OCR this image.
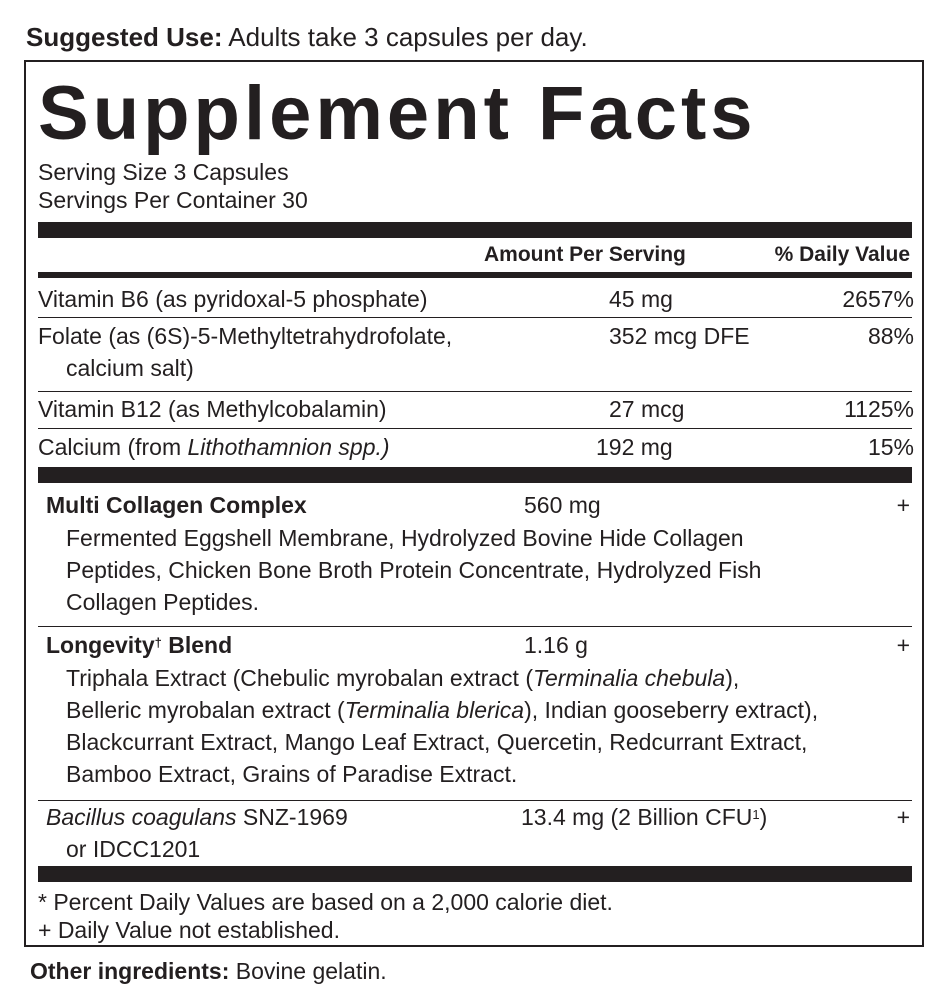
Suggested Use: Adults take 3 capsules per day.
Supplement Facts
Serving Size 3 Capsules
Servings Per Container 30
Amount Per Serving	% Daily Value
Vitamin B6 (as pyridoxal-5 phosphate)	45 mg	2657%
Folate (as (6S)-5-Methyltetrahydrofolate,
calcium salt)
352 mcg DFE	88%
Vitamin B12 (as Methylcobalamin)	27 mcg	1125%
Calcium (from Lithothamnion spp.)	192 mg	15%
Multi Collagen Complex	560 mg	+
Fermented Eggshell Membrane, Hydrolyzed Bovine Hide Collagen
Peptides, Chicken Bone Broth Protein Concentrate, Hydrolyzed Fish
Collagen Peptides.
Longevity† Blend	1.16 g	+
Triphala Extract (Chebulic myrobalan extract (Terminalia chebula),
Belleric myrobalan extract (Terminalia blerica), Indian gooseberry extract),
Blackcurrant Extract, Mango Leaf Extract, Quercetin, Redcurrant Extract,
Bamboo Extract, Grains of Paradise Extract.
Bacillus coagulans SNZ-1969
or IDCC1201
13.4 mg (2 Billion $CFU^1$)	+
* Percent Daily Values are based on a 2,000 calorie diet.
+ Daily Value not established.
Other ingredients: Bovine gelatin.
